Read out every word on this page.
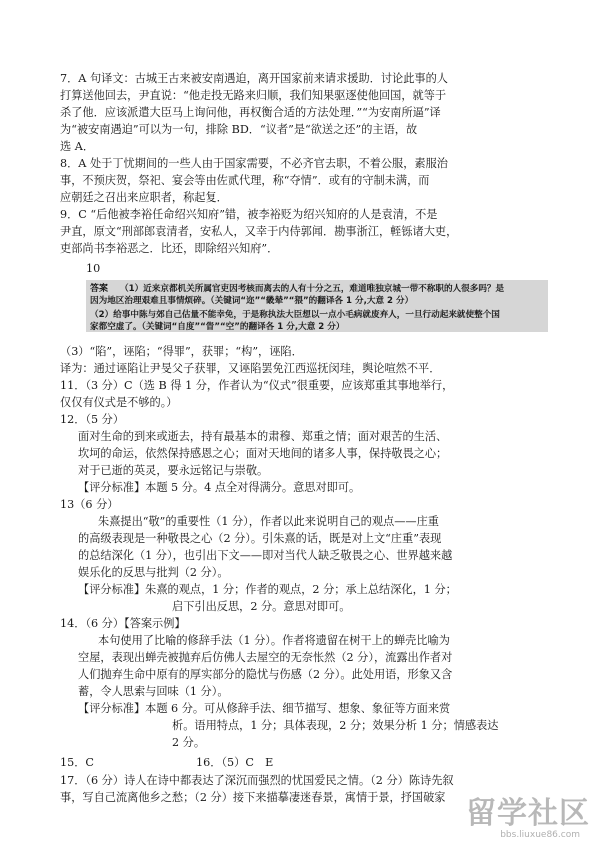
7．A 句译文：古城王古来被安南遇迫，离开国家前来请求援助．讨论此事的人
打算送他回去，尹直说：“他走投无路来归顺，我们知果驱逐使他回国，就等于
杀了他．应该派遣大臣马上询问他，再权衡合适的方法处理．”“为安南所逼”译
为“被安南遇迫”可以为一句，排除 BD．“议者”是“欲送之还”的主语，故
选 A．
8．A 处于丁忧期间的一些人由于国家需要，不必齐官去职，不着公服，素服治
事，不预庆贺，祭祀、宴会等由佐贰代理，称“夺情”．或有的守制未满，而
应朝廷之召出来应职者，称起复．
9．C “后他被李裕任命绍兴知府”错，被李裕贬为绍兴知府的人是袁清，不是
尹直，原文“刑部郎袁清者，安私人，又幸于内侍郭闻．勘事浙江，輊铄诸大吏，
吏部尚书李裕恶之．比还，即除绍兴知府”．
10
答案 （1）近来京都机关所属官吏因考核而离去的人有十分之五，难道唯独京城一带不称职的人很多吗？是
因为地区治理艰难且事情烦碎。（关键词“迩”“畿辇”“猥”的翻译各 1 分,大意 2 分）
（2）给事中陈与郊自己估量不能幸免，于是称执法大臣想以一点小毛病就废弃人，一旦行动起来就使整个国
家都空虚了。（关键词“自度”“眚”“空”的翻译各 1 分,大意 2 分）
（3）“陷”，诬陷；“得罪”，获罪；“构”，诬陷．
译为：通过诬陷让尹旻父子获罪，又诬陷罢免江西巡抚闵珪，舆论喧然不平．
11．（3 分）C（选 B 得 1 分，作者认为“仪式”很重要，应该郑重其事地举行，
仅仅有仪式是不够的。）
12．（5 分）
面对生命的到来或逝去，持有最基本的肃穆、郑重之情；面对艰苦的生活、
坎坷的命运，依然保持感恩之心；面对天地间的诸多人事，保持敬畏之心；
对于已逝的英灵，要永远铭记与崇敬。
【评分标准】本题 5 分。4 点全对得满分。意思对即可。
13（6 分）
朱熹提出“敬”的重要性（1 分），作者以此来说明自己的观点——庄重
的高级表现是一种敬畏之心（2 分）。引朱熹的话，既是对上文“庄重”表现
的总结深化（1 分），也引出下文——即对当代人缺乏敬畏之心、世界越来越
娱乐化的反思与批判（2 分）。
【评分标准】朱熹的观点，1 分；作者的观点，2 分；承上总结深化，1 分；
启下引出反思，2 分。意思对即可。
14．（6 分）【答案示例】
本句使用了比喻的修辞手法（1 分）。作者将遗留在树干上的蝉壳比喻为
空屋，表现出蝉壳被抛弃后仿佛人去屋空的无奈怅然（2 分），流露出作者对
人们抛弃生命中原有的厚实部分的隐忧与伤感（2 分）。此处用语，形象又含
蓄，令人思索与回味（1 分）。
【评分标准】本题 6 分。可从修辞手法、细节描写、想象、象征等方面来赏
析。语用特点，1 分；具体表现，2 分；效果分析 1 分；情感表达
2 分。
15．C	16．（5）C　E
17．（6 分）诗人在诗中都表达了深沉而强烈的忧国爱民之情。（2 分）陈诗先叙
事，写自己流离他乡之愁；（2 分）接下来描摹凄迷春景，寓情于景，抒国破家 留学社区
bbs.liuxue86.com
